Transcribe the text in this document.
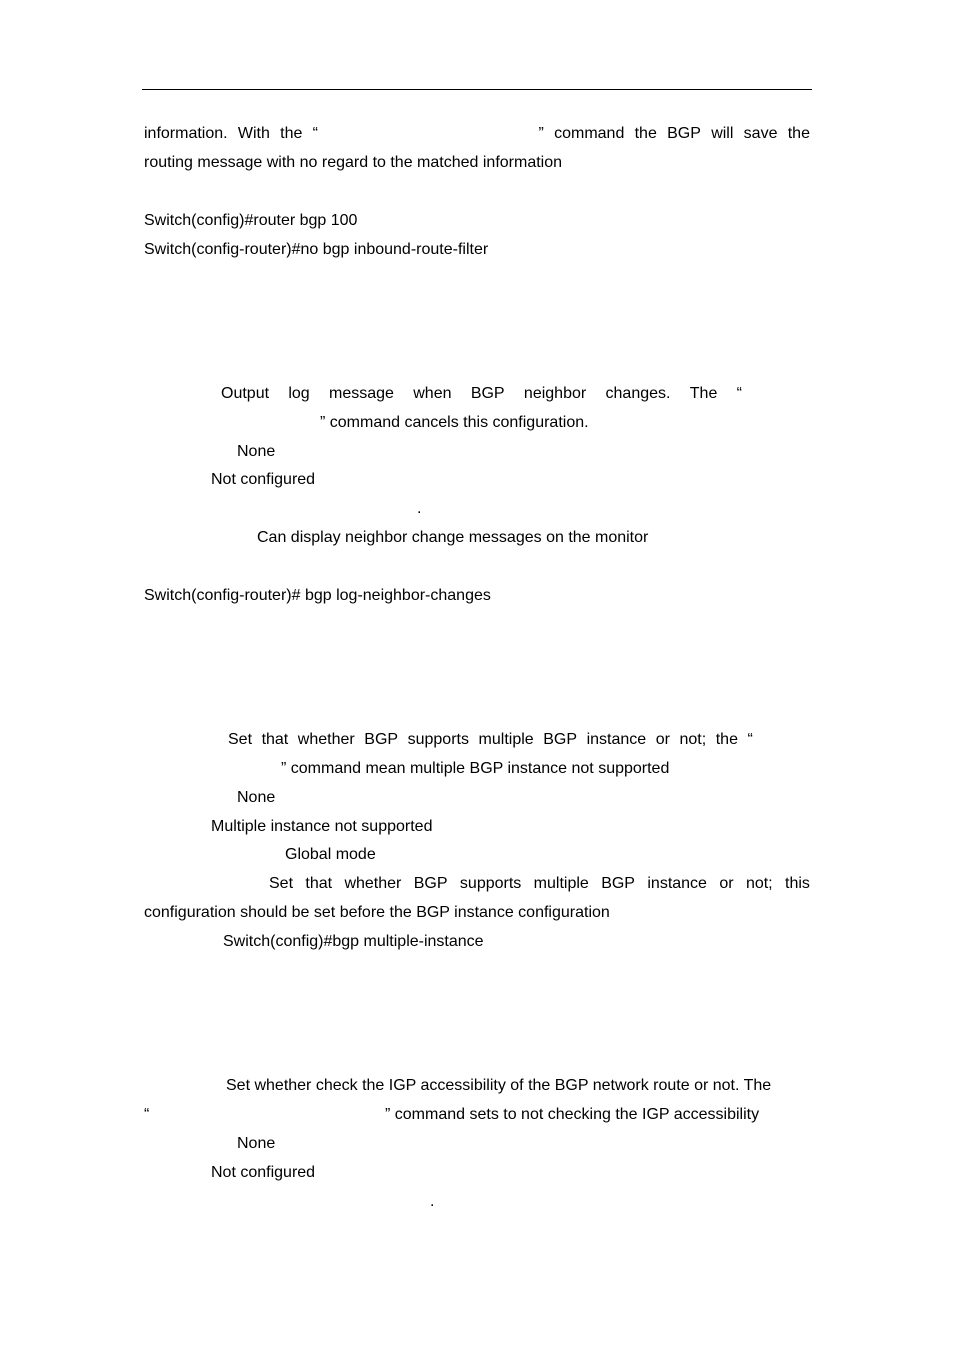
information. With the “	” command the BGP will save the
routing message with no regard to the matched information
Switch(config)#router bgp 100
Switch(config-router)#no bgp inbound-route-filter
Output log message when BGP neighbor changes. The “
” command cancels this configuration.
None
Not configured
.
Can display neighbor change messages on the monitor
Switch(config-router)# bgp log-neighbor-changes
Set that whether BGP supports multiple BGP instance or not; the “
” command mean multiple BGP instance not supported
None
Multiple instance not supported
Global mode
Set that whether BGP supports multiple BGP instance or not; this
configuration should be set before the BGP instance configuration
Switch(config)#bgp multiple-instance
Set whether check the IGP accessibility of the BGP network route or not. The
“	” command sets to not checking the IGP accessibility
None
Not configured
.
